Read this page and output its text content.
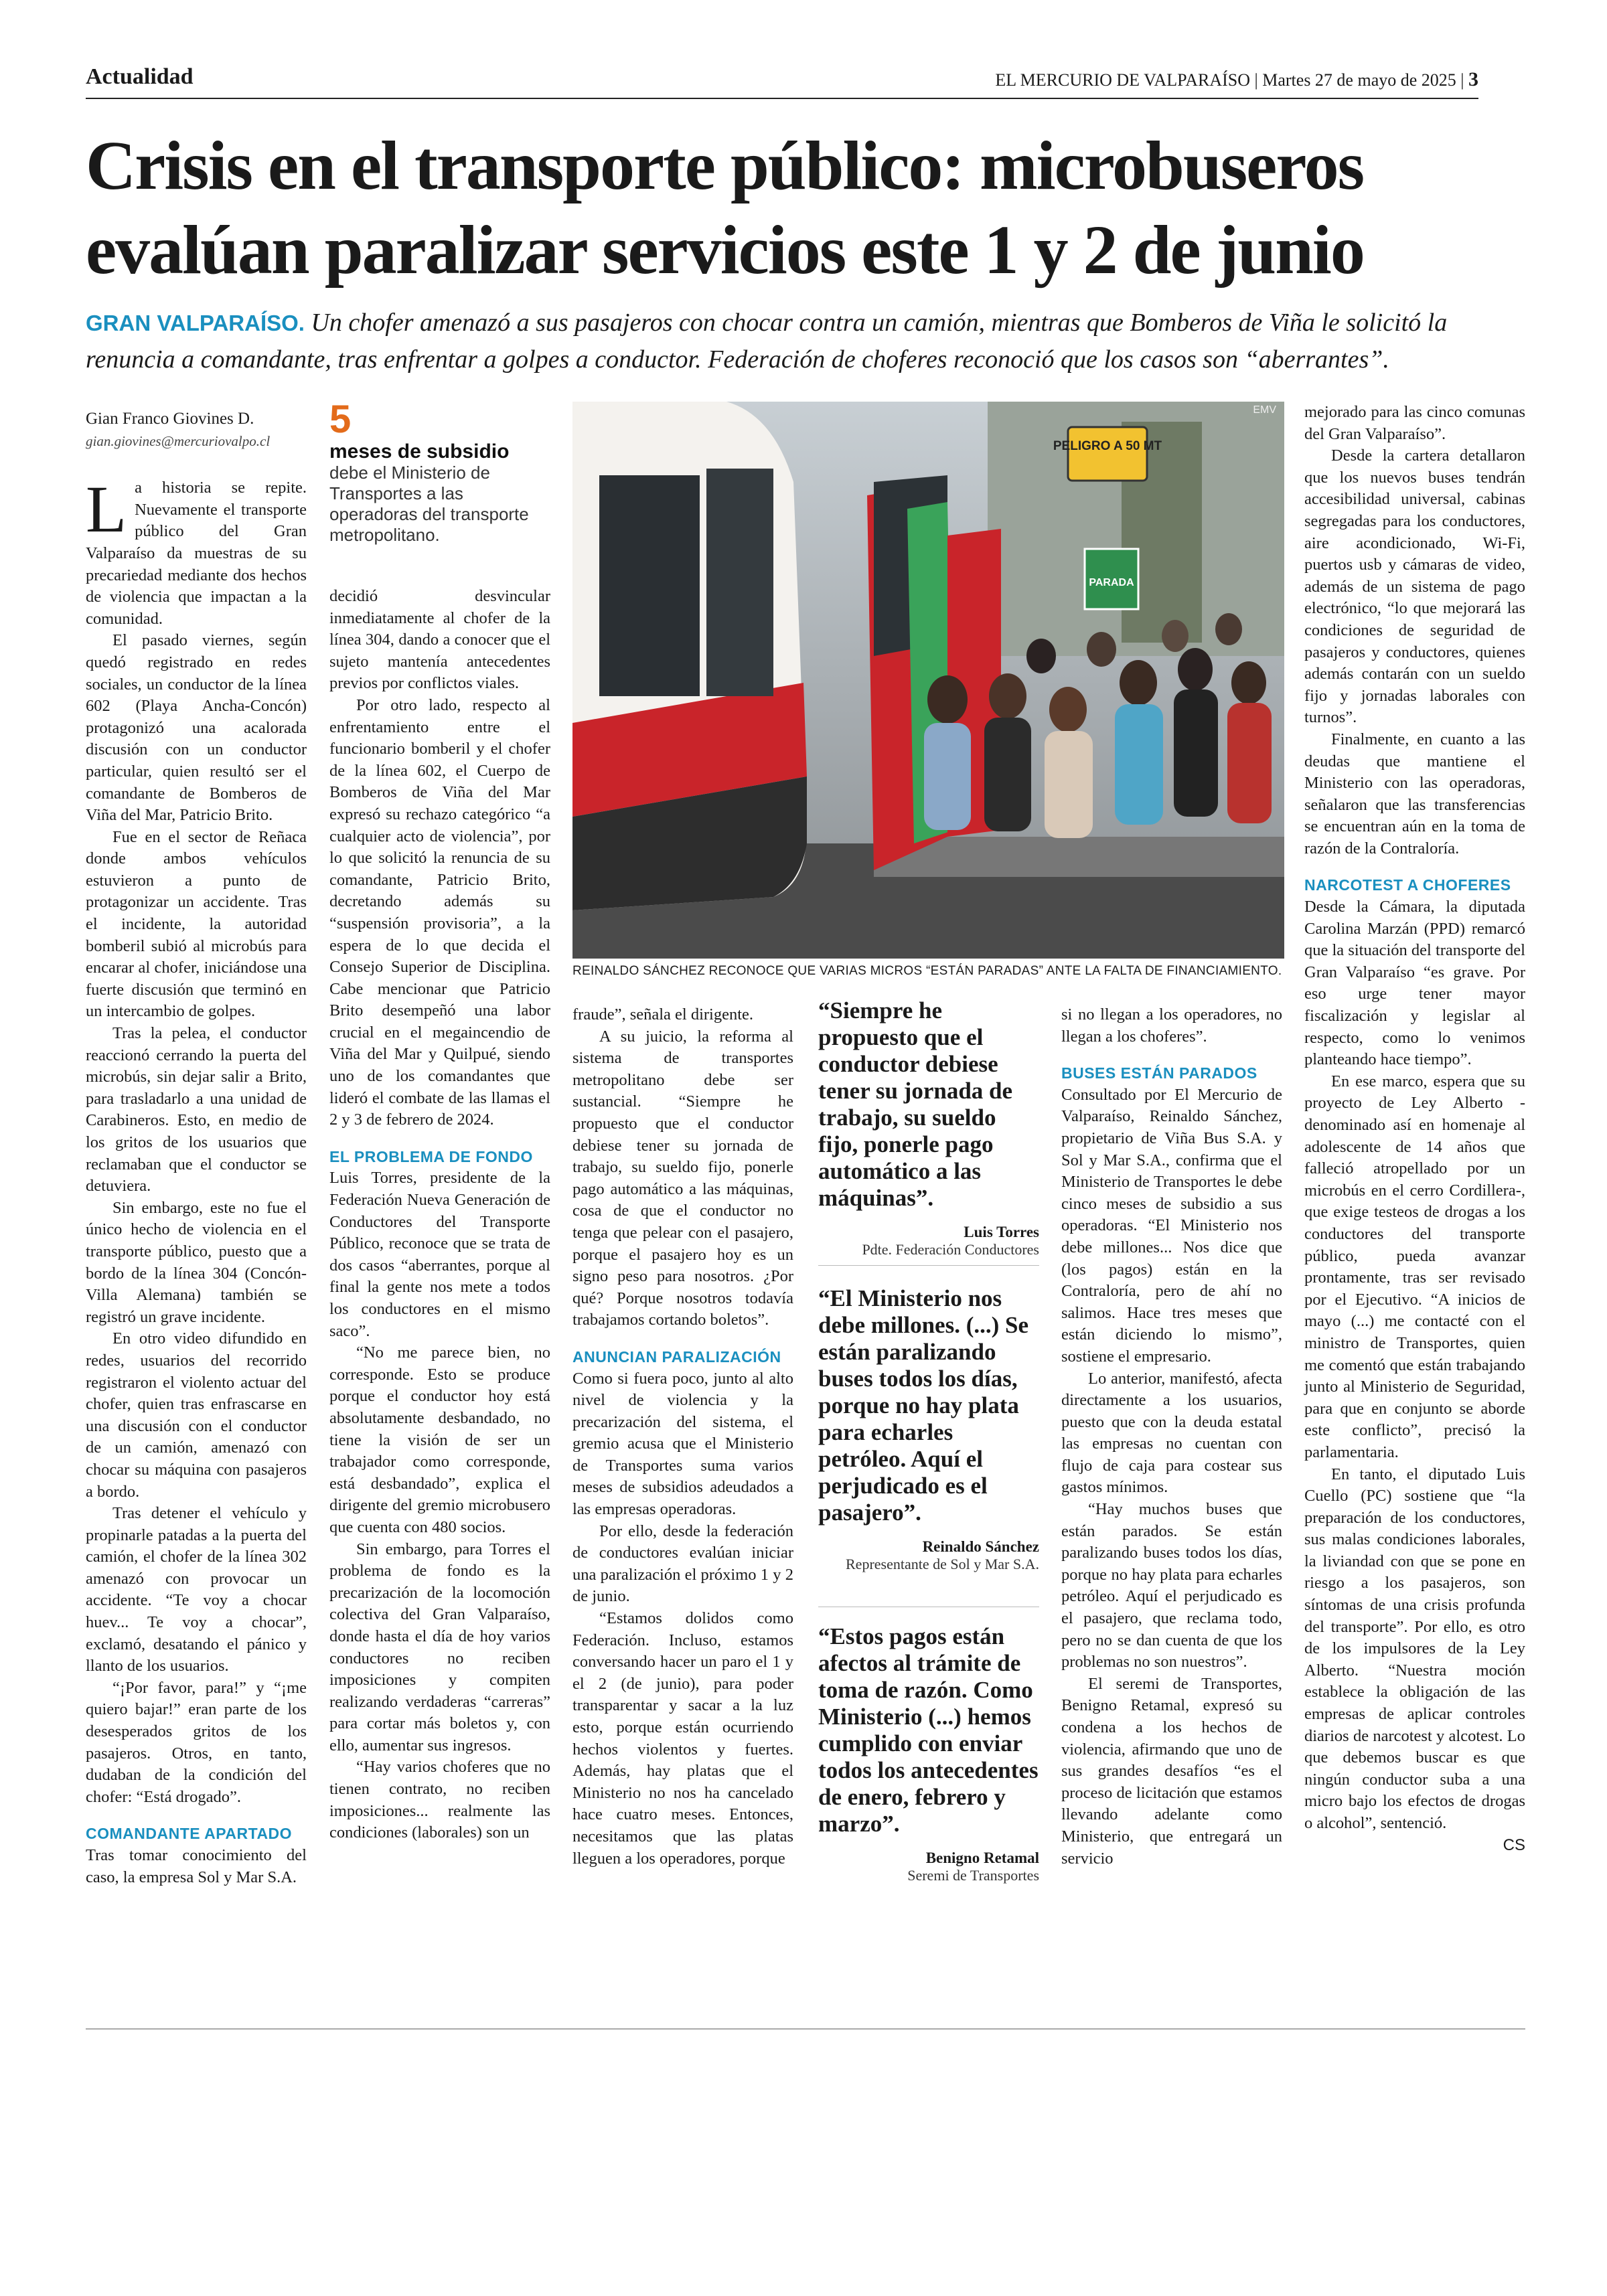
Actualidad	EL MERCURIO DE VALPARAÍSO | Martes 27 de mayo de 2025 | 3
Crisis en el transporte público: microbuseros evalúan paralizar servicios este 1 y 2 de junio
GRAN VALPARAÍSO. Un chofer amenazó a sus pasajeros con chocar contra un camión, mientras que Bomberos de Viña le solicitó la renuncia a comandante, tras enfrentar a golpes a conductor. Federación de choferes reconoció que los casos son “aberrantes”.
Gian Franco Giovines D.
gian.giovines@mercuriovalpo.cl

La historia se repite. Nuevamente el transporte público del Gran Valparaíso da muestras de su precariedad mediante dos hechos de violencia que impactan a la comunidad.

El pasado viernes, según quedó registrado en redes sociales, un conductor de la línea 602 (Playa Ancha-Concón) protagonizó una acalorada discusión con un conductor particular, quien resultó ser el comandante de Bomberos de Viña del Mar, Patricio Brito.

Fue en el sector de Reñaca donde ambos vehículos estuvieron a punto de protagonizar un accidente. Tras el incidente, la autoridad bomberil subió al microbús para encarar al chofer, iniciándose una fuerte discusión que terminó en un intercambio de golpes.

Tras la pelea, el conductor reaccionó cerrando la puerta del microbús, sin dejar salir a Brito, para trasladarlo a una unidad de Carabineros. Esto, en medio de los gritos de los usuarios que reclamaban que el conductor se detuviera.

Sin embargo, este no fue el único hecho de violencia en el transporte público, puesto que a bordo de la línea 304 (Concón-Villa Alemana) también se registró un grave incidente.

En otro video difundido en redes, usuarios del recorrido registraron el violento actuar del chofer, quien tras enfrascarse en una discusión con el conductor de un camión, amenazó con chocar su máquina con pasajeros a bordo.

Tras detener el vehículo y propinarle patadas a la puerta del camión, el chofer de la línea 302 amenazó con provocar un accidente. “Te voy a chocar huev... Te voy a chocar”, exclamó, desatando el pánico y llanto de los usuarios.

“¡Por favor, para!” y “¡me quiero bajar!” eran parte de los desesperados gritos de los pasajeros. Otros, en tanto, dudaban de la condición del chofer: “Está drogado”.

COMANDANTE APARTADO

Tras tomar conocimiento del caso, la empresa Sol y Mar S.A.

5
meses de subsidio debe el Ministerio de Transportes a las operadoras del transporte metropolitano.

decidió desvincular inmediatamente al chofer de la línea 304, dando a conocer que el sujeto mantenía antecedentes previos por conflictos viales.

Por otro lado, respecto al enfrentamiento entre el funcionario bomberil y el chofer de la línea 602, el Cuerpo de Bomberos de Viña del Mar expresó su rechazo categórico “a cualquier acto de violencia”, por lo que solicitó la renuncia de su comandante, Patricio Brito, decretando además su “suspensión provisoria”, a la espera de lo que decida el Consejo Superior de Disciplina. Cabe mencionar que Patricio Brito desempeñó una labor crucial en el megaincendio de Viña del Mar y Quilpué, siendo uno de los comandantes que lideró el combate de las llamas el 2 y 3 de febrero de 2024.

EL PROBLEMA DE FONDO

Luis Torres, presidente de la Federación Nueva Generación de Conductores del Transporte Público, reconoce que se trata de dos casos “aberrantes, porque al final la gente nos mete a todos los conductores en el mismo saco”.

“No me parece bien, no corresponde. Esto se produce porque el conductor hoy está absolutamente desbandado, no tiene la visión de ser un trabajador como corresponde, está desbandado”, explica el dirigente del gremio microbusero que cuenta con 480 socios.

Sin embargo, para Torres el problema de fondo es la precarización de la locomoción colectiva del Gran Valparaíso, donde hasta el día de hoy varios conductores no reciben imposiciones y compiten realizando verdaderas “carreras” para cortar más boletos y, con ello, aumentar sus ingresos.

“Hay varios choferes que no tienen contrato, no reciben imposiciones... realmente las condiciones (laborales) son un

PELIGRO A 50 MT
PARADA
EMV
REINALDO SÁNCHEZ RECONOCE QUE VARIAS MICROS “ESTÁN PARADAS” ANTE LA FALTA DE FINANCIAMIENTO.

fraude”, señala el dirigente.

A su juicio, la reforma al sistema de transportes metropolitano debe ser sustancial. “Siempre he propuesto que el conductor debiese tener su jornada de trabajo, su sueldo fijo, ponerle pago automático a las máquinas, cosa de que el conductor no tenga que pelear con el pasajero, porque el pasajero hoy es un signo peso para nosotros. ¿Por qué? Porque nosotros todavía trabajamos cortando boletos”.

ANUNCIAN PARALIZACIÓN

Como si fuera poco, junto al alto nivel de violencia y la precarización del sistema, el gremio acusa que el Ministerio de Transportes suma varios meses de subsidios adeudados a las empresas operadoras.

Por ello, desde la federación de conductores evalúan iniciar una paralización el próximo 1 y 2 de junio.

“Estamos dolidos como Federación. Incluso, estamos conversando hacer un paro el 1 y el 2 (de junio), para poder transparentar y sacar a la luz esto, porque están ocurriendo hechos violentos y fuertes. Además, hay platas que el Ministerio no nos ha cancelado hace cuatro meses. Entonces, necesitamos que las platas lleguen a los operadores, porque

“Siempre he propuesto que el conductor debiese tener su jornada de trabajo, su sueldo fijo, ponerle pago automático a las máquinas”.
Luis Torres
Pdte. Federación Conductores
“El Ministerio nos debe millones. (...) Se están paralizando buses todos los días, porque no hay plata para echarles petróleo. Aquí el perjudicado es el pasajero”.
Reinaldo Sánchez
Representante de Sol y Mar S.A.
“Estos pagos están afectos al trámite de toma de razón. Como Ministerio (...) hemos cumplido con enviar todos los antecedentes de enero, febrero y marzo”.
Benigno Retamal
Seremi de Transportes

si no llegan a los operadores, no llegan a los choferes”.

BUSES ESTÁN PARADOS

Consultado por El Mercurio de Valparaíso, Reinaldo Sánchez, propietario de Viña Bus S.A. y Sol y Mar S.A., confirma que el Ministerio de Transportes le debe cinco meses de subsidio a sus operadoras. “El Ministerio nos debe millones... Nos dice que (los pagos) están en la Contraloría, pero de ahí no salimos. Hace tres meses que están diciendo lo mismo”, sostiene el empresario.

Lo anterior, manifestó, afecta directamente a los usuarios, puesto que con la deuda estatal las empresas no cuentan con flujo de caja para costear sus gastos mínimos.

“Hay muchos buses que están parados. Se están paralizando buses todos los días, porque no hay plata para echarles petróleo. Aquí el perjudicado es el pasajero, que reclama todo, pero no se dan cuenta de que los problemas no son nuestros”.

El seremi de Transportes, Benigno Retamal, expresó su condena a los hechos de violencia, afirmando que uno de sus grandes desafíos “es el proceso de licitación que estamos llevando adelante como Ministerio, que entregará un servicio

mejorado para las cinco comunas del Gran Valparaíso”.

Desde la cartera detallaron que los nuevos buses tendrán accesibilidad universal, cabinas segregadas para los conductores, aire acondicionado, Wi-Fi, puertos usb y cámaras de video, además de un sistema de pago electrónico, “lo que mejorará las condiciones de seguridad de pasajeros y conductores, quienes además contarán con un sueldo fijo y jornadas laborales con turnos”.

Finalmente, en cuanto a las deudas que mantiene el Ministerio con las operadoras, señalaron que las transferencias se encuentran aún en la toma de razón de la Contraloría.

NARCOTEST A CHOFERES

Desde la Cámara, la diputada Carolina Marzán (PPD) remarcó que la situación del transporte del Gran Valparaíso “es grave. Por eso urge tener mayor fiscalización y legislar al respecto, como lo venimos planteando hace tiempo”.

En ese marco, espera que su proyecto de Ley Alberto -denominado así en homenaje al adolescente de 14 años que falleció atropellado por un microbús en el cerro Cordillera-, que exige testeos de drogas a los conductores del transporte público, pueda avanzar prontamente, tras ser revisado por el Ejecutivo. “A inicios de mayo (...) me contacté con el ministro de Transportes, quien me comentó que están trabajando junto al Ministerio de Seguridad, para que en conjunto se aborde este conflicto”, precisó la parlamentaria.

En tanto, el diputado Luis Cuello (PC) sostiene que “la preparación de los conductores, sus malas condiciones laborales, la liviandad con que se pone en riesgo a los pasajeros, son síntomas de una crisis profunda del transporte”. Por ello, es otro de los impulsores de la Ley Alberto. “Nuestra moción establece la obligación de las empresas de aplicar controles diarios de narcotest y alcotest. Lo que debemos buscar es que ningún conductor suba a una micro bajo los efectos de drogas o alcohol”, sentenció.

CS
